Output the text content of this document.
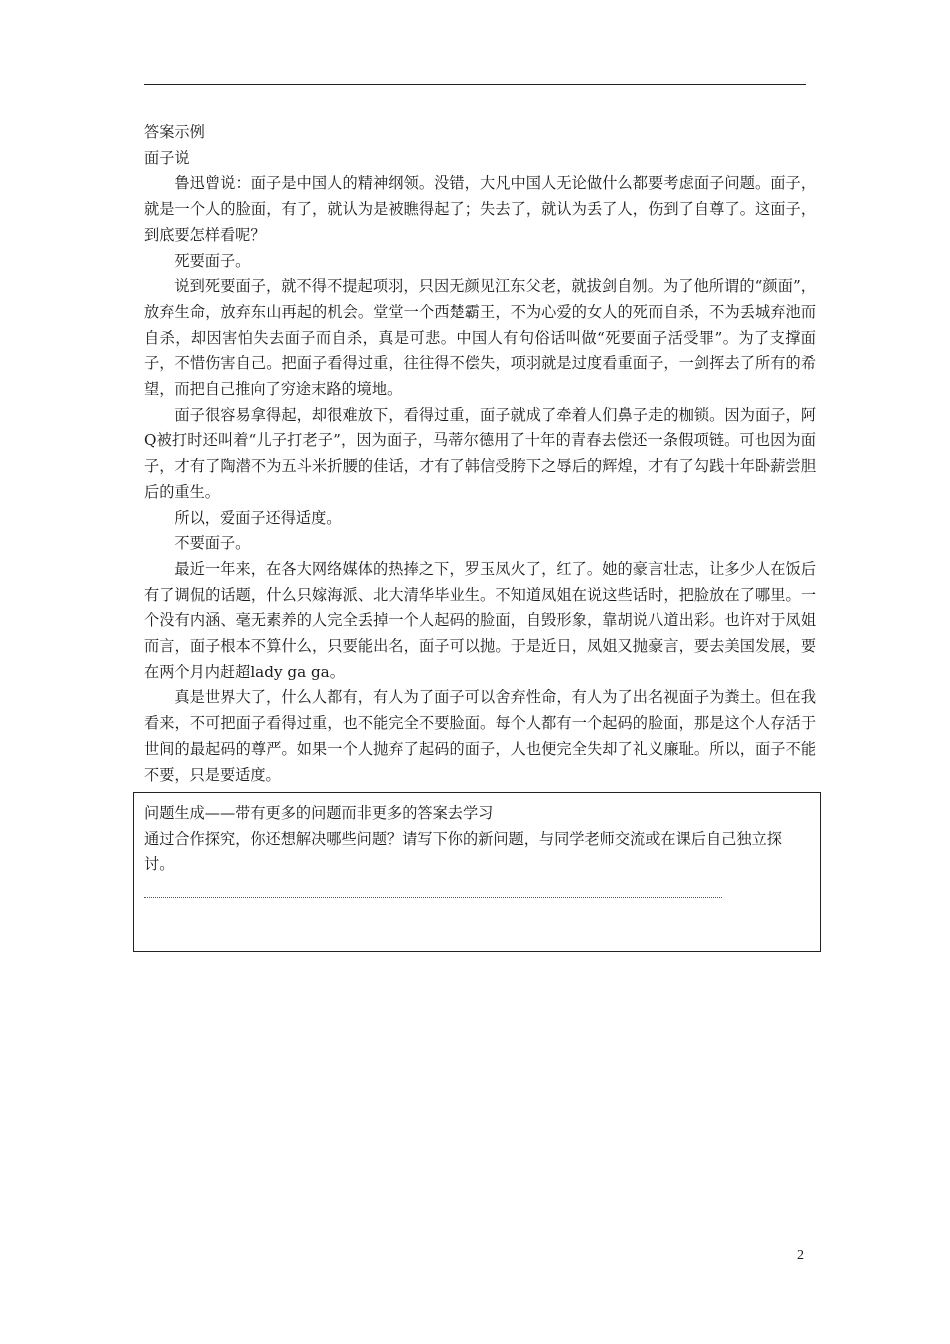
答案示例

面子说

鲁迅曾说：面子是中国人的精神纲领。没错，大凡中国人无论做什么都要考虑面子问题。面子，就是一个人的脸面，有了，就认为是被瞧得起了；失去了，就认为丢了人，伤到了自尊了。这面子，到底要怎样看呢？

死要面子。

说到死要面子，就不得不提起项羽，只因无颜见江东父老，就拔剑自刎。为了他所谓的“颜面”，放弃生命，放弃东山再起的机会。堂堂一个西楚霸王，不为心爱的女人的死而自杀，不为丢城弃池而自杀，却因害怕失去面子而自杀，真是可悲。中国人有句俗话叫做“死要面子活受罪”。为了支撑面子，不惜伤害自己。把面子看得过重，往往得不偿失，项羽就是过度看重面子，一剑挥去了所有的希望，而把自己推向了穷途末路的境地。

面子很容易拿得起，却很难放下，看得过重，面子就成了牵着人们鼻子走的枷锁。因为面子，阿Q被打时还叫着“儿子打老子”，因为面子，马蒂尔德用了十年的青春去偿还一条假项链。可也因为面子，才有了陶潜不为五斗米折腰的佳话，才有了韩信受胯下之辱后的辉煌，才有了勾践十年卧薪尝胆后的重生。

所以，爱面子还得适度。

不要面子。

最近一年来，在各大网络媒体的热捧之下，罗玉凤火了，红了。她的豪言壮志，让多少人在饭后有了调侃的话题，什么只嫁海派、北大清华毕业生。不知道凤姐在说这些话时，把脸放在了哪里。一个没有内涵、毫无素养的人完全丢掉一个人起码的脸面，自毁形象，靠胡说八道出彩。也许对于凤姐而言，面子根本不算什么，只要能出名，面子可以抛。于是近日，凤姐又抛豪言，要去美国发展，要在两个月内赶超lady ga ga。

真是世界大了，什么人都有，有人为了面子可以舍弃性命，有人为了出名视面子为粪土。但在我看来，不可把面子看得过重，也不能完全不要脸面。每个人都有一个起码的脸面，那是这个人存活于世间的最起码的尊严。如果一个人抛弃了起码的面子，人也便完全失却了礼义廉耻。所以，面子不能不要，只是要适度。

问题生成——带有更多的问题而非更多的答案去学习

通过合作探究，你还想解决哪些问题？请写下你的新问题，与同学老师交流或在课后自己独立探讨。

2
